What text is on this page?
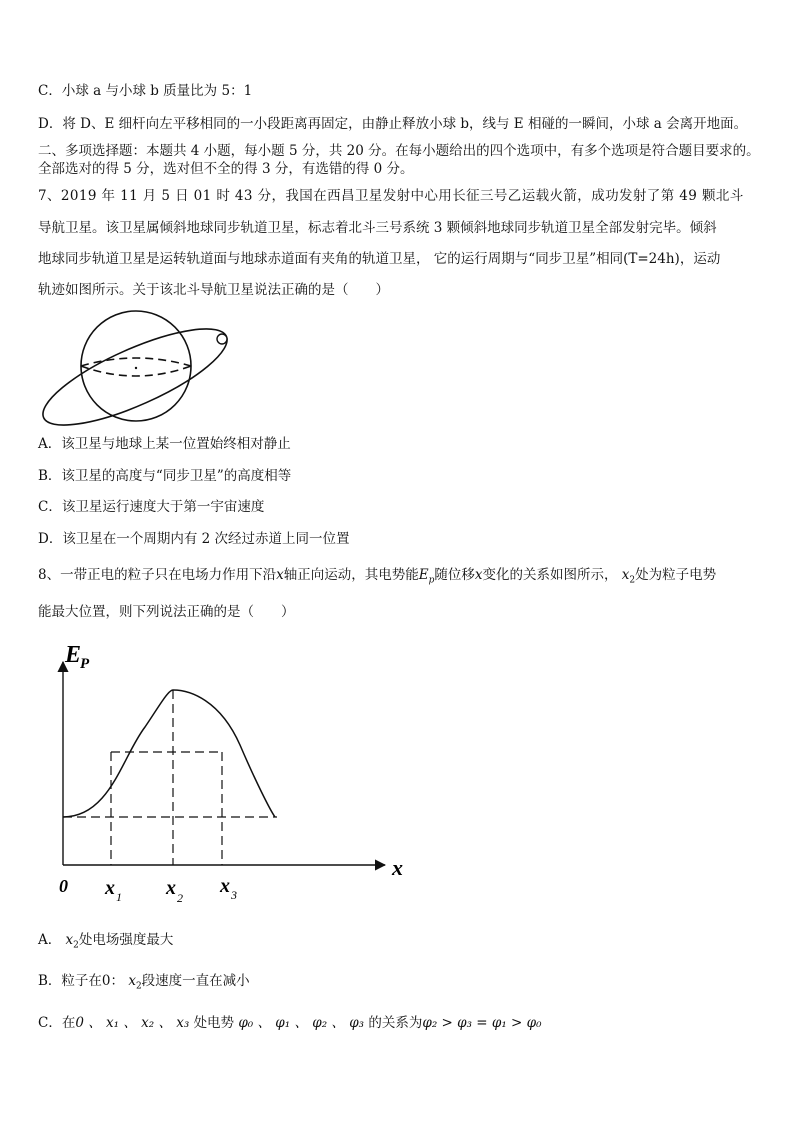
C．小球 a 与小球 b 质量比为 5：1
D．将 D、E 细杆向左平移相同的一小段距离再固定，由静止释放小球 b，线与 E 相碰的一瞬间，小球 a 会离开地面。
二、多项选择题：本题共 4 小题，每小题 5 分，共 20 分。在每小题给出的四个选项中，有多个选项是符合题目要求的。
全部选对的得 5 分，选对但不全的得 3 分，有选错的得 0 分。
7、2019 年 11 月 5 日 01 时 43 分，我国在西昌卫星发射中心用长征三号乙运载火箭，成功发射了第 49 颗北斗
导航卫星。该卫星属倾斜地球同步轨道卫星，标志着北斗三号系统 3 颗倾斜地球同步轨道卫星全部发射完毕。倾斜
地球同步轨道卫星是运转轨道面与地球赤道面有夹角的轨道卫星， 它的运行周期与“同步卫星”相同(T=24h)，运动
轨迹如图所示。关于该北斗导航卫星说法正确的是（　　）
A．该卫星与地球上某一位置始终相对静止
B．该卫星的高度与“同步卫星”的高度相等
C．该卫星运行速度大于第一宇宙速度
D．该卫星在一个周期内有 2 次经过赤道上同一位置
8、一带正电的粒子只在电场力作用下沿x轴正向运动，其电势能$E_p$随位移x变化的关系如图所示， $x_2$处为粒子电势
能最大位置，则下列说法正确的是（　　）
E
P
x
0 x 1 x 2
x 3
A． $x_2$处电场强度最大
B．粒子在0： $x_2$段速度一直在减小
C．在0 、 x₁ 、 x₂ 、 x₃ 处电势 φ₀ 、 φ₁ 、 φ₂ 、 φ₃ 的关系为φ₂ > φ₃ = φ₁ > φ₀
